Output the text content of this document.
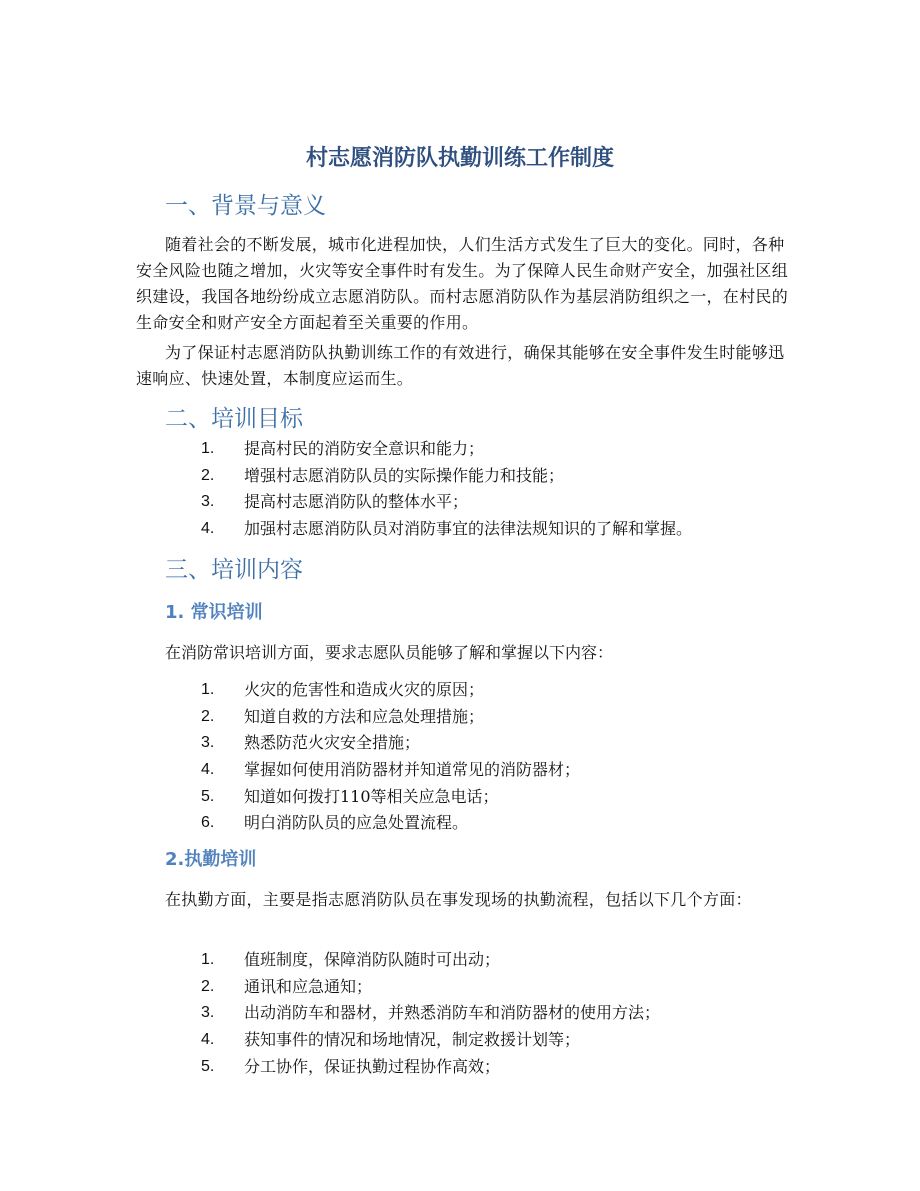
村志愿消防队执勤训练工作制度
一、背景与意义
随着社会的不断发展，城市化进程加快，人们生活方式发生了巨大的变化。同时，各种安全风险也随之增加，火灾等安全事件时有发生。为了保障人民生命财产安全，加强社区组织建设，我国各地纷纷成立志愿消防队。而村志愿消防队作为基层消防组织之一，在村民的生命安全和财产安全方面起着至关重要的作用。
为了保证村志愿消防队执勤训练工作的有效进行，确保其能够在安全事件发生时能够迅速响应、快速处置，本制度应运而生。
二、培训目标
1. 提高村民的消防安全意识和能力；
2. 增强村志愿消防队员的实际操作能力和技能；
3. 提高村志愿消防队的整体水平；
4. 加强村志愿消防队员对消防事宜的法律法规知识的了解和掌握。
三、培训内容
1. 常识培训
在消防常识培训方面，要求志愿队员能够了解和掌握以下内容：
1. 火灾的危害性和造成火灾的原因；
2. 知道自救的方法和应急处理措施；
3. 熟悉防范火灾安全措施；
4. 掌握如何使用消防器材并知道常见的消防器材；
5. 知道如何拨打110等相关应急电话；
6. 明白消防队员的应急处置流程。
2.执勤培训
在执勤方面，主要是指志愿消防队员在事发现场的执勤流程，包括以下几个方面：
1. 值班制度，保障消防队随时可出动；
2. 通讯和应急通知；
3. 出动消防车和器材，并熟悉消防车和消防器材的使用方法；
4. 获知事件的情况和场地情况，制定救援计划等；
5. 分工协作，保证执勤过程协作高效；
